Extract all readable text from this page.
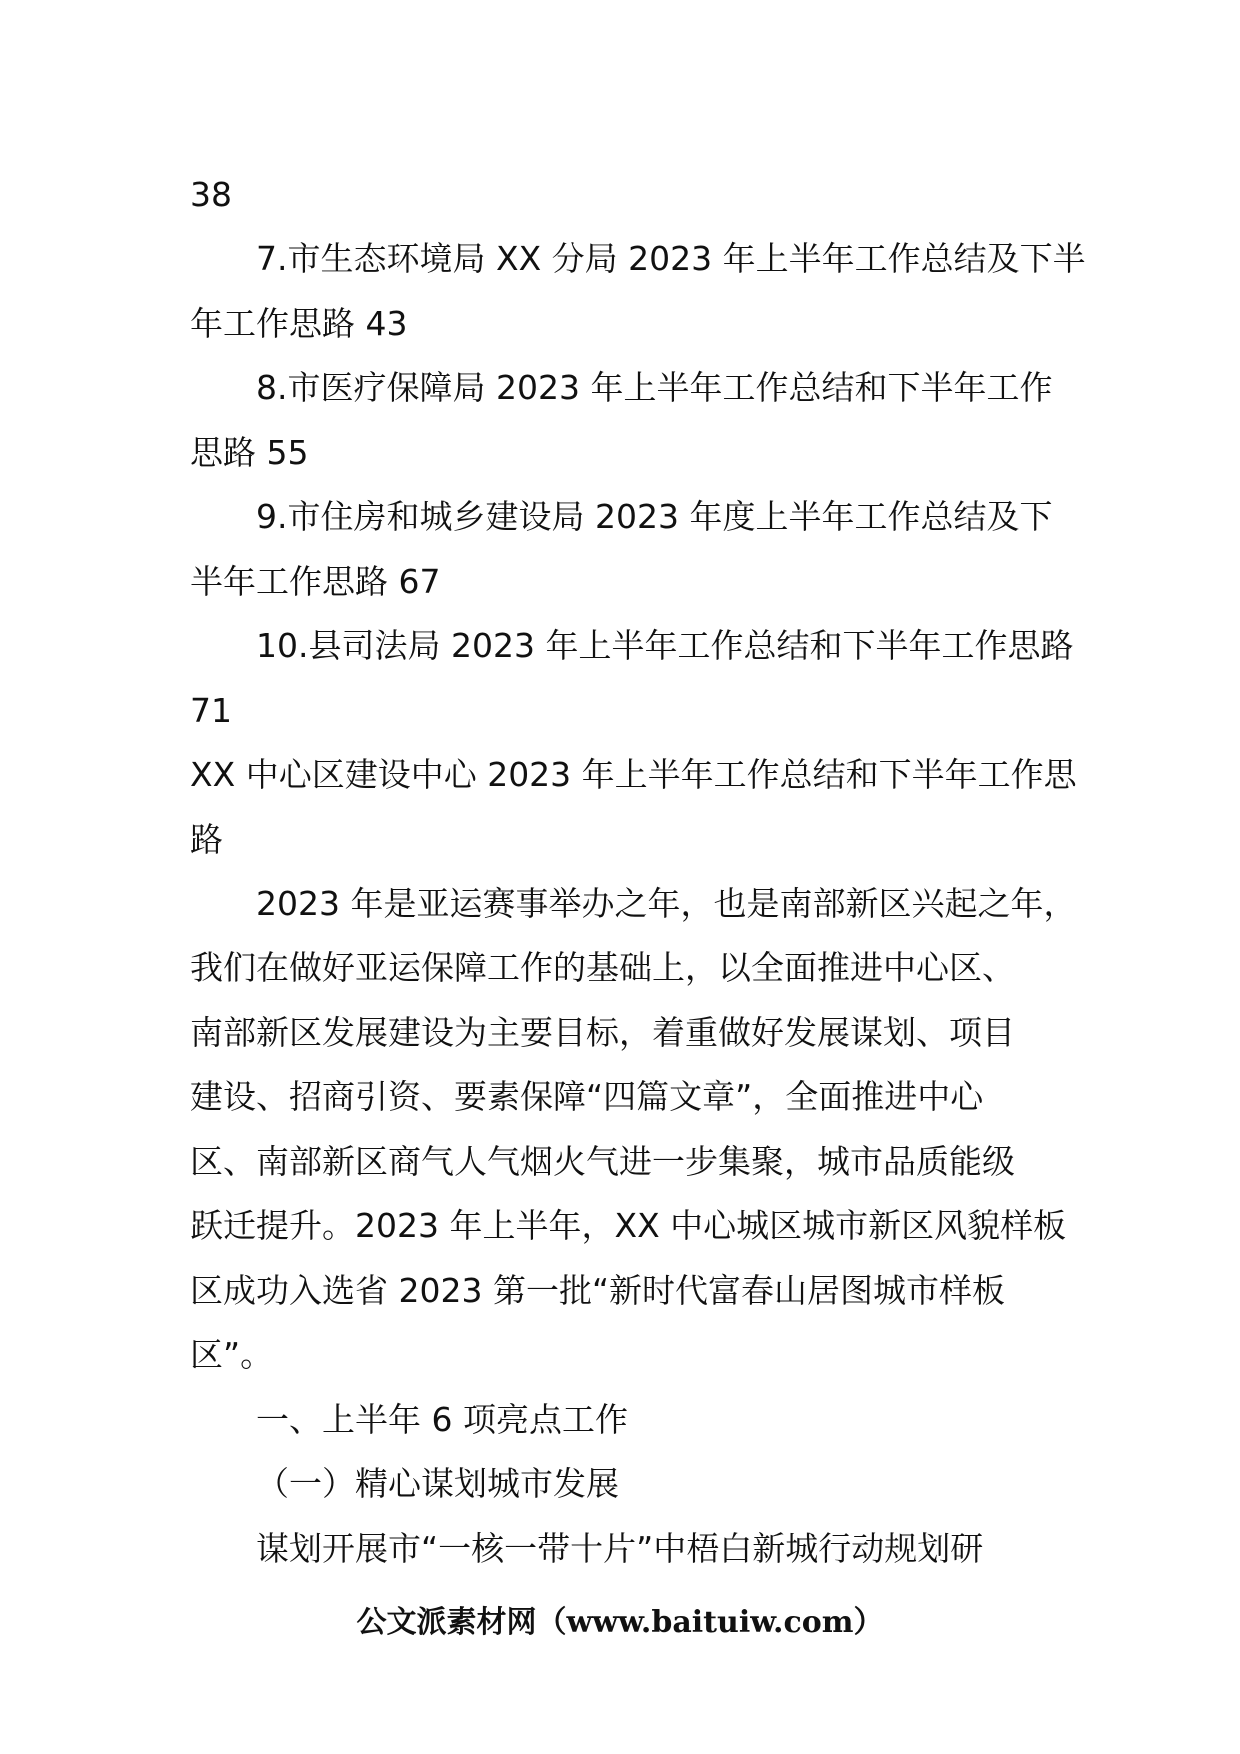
38
7.市生态环境局 XX 分局 2023 年上半年工作总结及下半
年工作思路 43
8.市医疗保障局 2023 年上半年工作总结和下半年工作
思路 55
9.市住房和城乡建设局 2023 年度上半年工作总结及下
半年工作思路 67
10.县司法局 2023 年上半年工作总结和下半年工作思路
71
XX 中心区建设中心 2023 年上半年工作总结和下半年工作思
路
2023 年是亚运赛事举办之年，也是南部新区兴起之年，
我们在做好亚运保障工作的基础上，以全面推进中心区、
南部新区发展建设为主要目标，着重做好发展谋划、项目
建设、招商引资、要素保障“四篇文章”，全面推进中心
区、南部新区商气人气烟火气进一步集聚，城市品质能级
跃迁提升。2023 年上半年，XX 中心城区城市新区风貌样板
区成功入选省 2023 第一批“新时代富春山居图城市样板
区”。
一、上半年 6 项亮点工作
（一）精心谋划城市发展
谋划开展市“一核一带十片”中梧白新城行动规划研
公文派素材网（www.baituiw.com）
